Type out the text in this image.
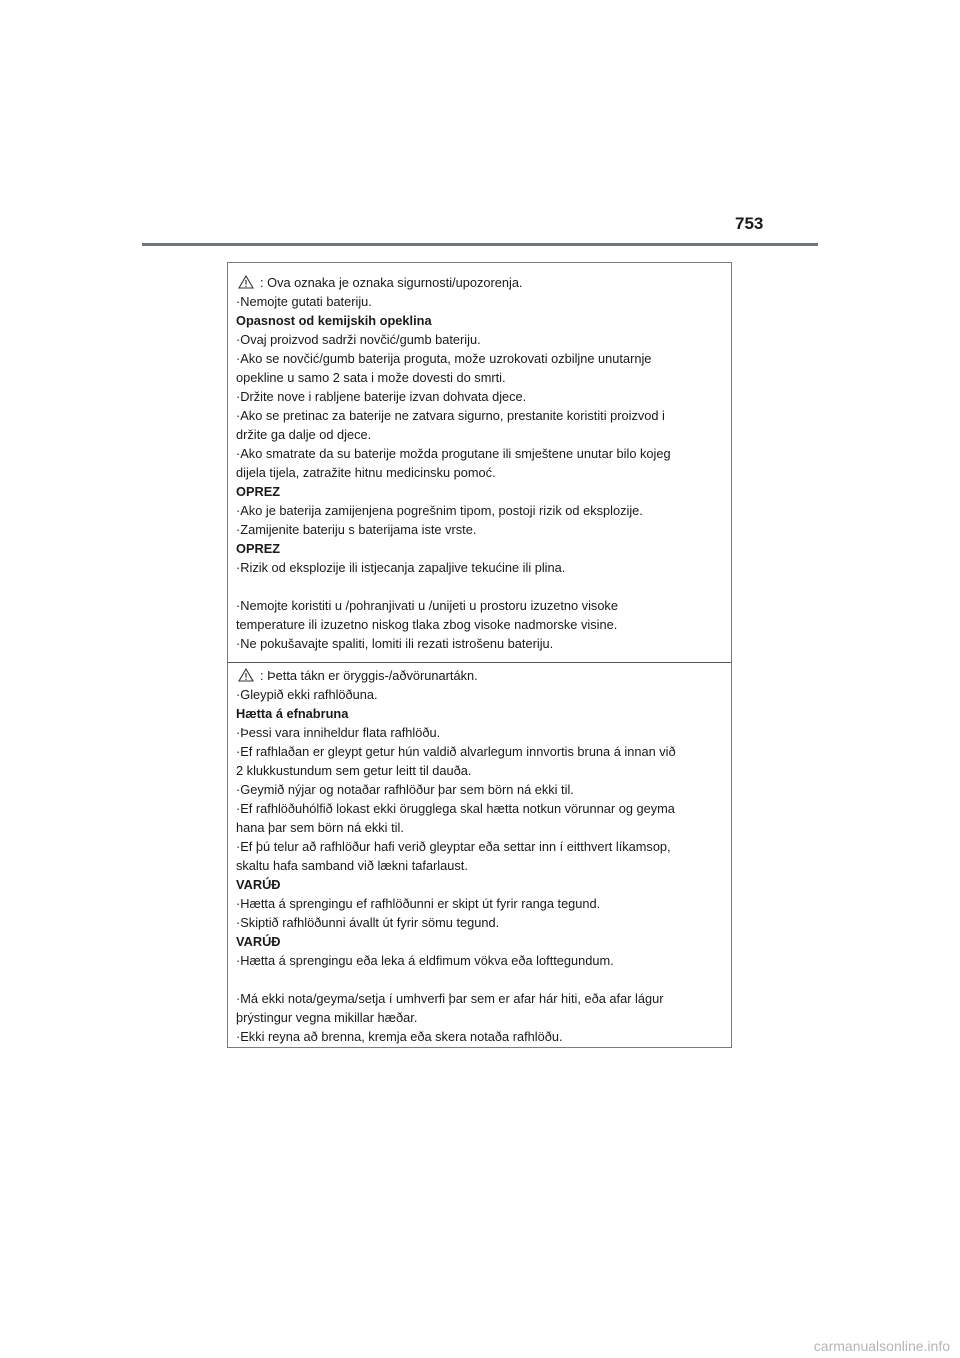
753
: Ova oznaka je oznaka sigurnosti/upozorenja.
·Nemojte gutati bateriju.
Opasnost od kemijskih opeklina
·Ovaj proizvod sadrži novčić/gumb bateriju.
·Ako se novčić/gumb baterija proguta, može uzrokovati ozbiljne unutarnje
opekline u samo 2 sata i može dovesti do smrti.
·Držite nove i rabljene baterije izvan dohvata djece.
·Ako se pretinac za baterije ne zatvara sigurno, prestanite koristiti proizvod i
držite ga dalje od djece.
·Ako smatrate da su baterije možda progutane ili smještene unutar bilo kojeg
dijela tijela, zatražite hitnu medicinsku pomoć.
OPREZ
·Ako je baterija zamijenjena pogrešnim tipom, postoji rizik od eksplozije.
·Zamijenite bateriju s baterijama iste vrste.
OPREZ
·Rizik od eksplozije ili istjecanja zapaljive tekućine ili plina.
·Nemojte koristiti u /pohranjivati u /unijeti u prostoru izuzetno visoke
temperature ili izuzetno niskog tlaka zbog visoke nadmorske visine.
·Ne pokušavajte spaliti, lomiti ili rezati istrošenu bateriju.
: Þetta tákn er öryggis-/aðvörunartákn.
·Gleypið ekki rafhlöðuna.
Hætta á efnabruna
·Þessi vara inniheldur flata rafhlöðu.
·Ef rafhlaðan er gleypt getur hún valdið alvarlegum innvortis bruna á innan við
2 klukkustundum sem getur leitt til dauða.
·Geymið nýjar og notaðar rafhlöður þar sem börn ná ekki til.
·Ef rafhlöðuhólfið lokast ekki örugglega skal hætta notkun vörunnar og geyma
hana þar sem börn ná ekki til.
·Ef þú telur að rafhlöður hafi verið gleyptar eða settar inn í eitthvert líkamsop,
skaltu hafa samband við lækni tafarlaust.
VARÚÐ
·Hætta á sprengingu ef rafhlöðunni er skipt út fyrir ranga tegund.
·Skiptið rafhlöðunni ávallt út fyrir sömu tegund.
VARÚÐ
·Hætta á sprengingu eða leka á eldfimum vökva eða lofttegundum.
·Má ekki nota/geyma/setja í umhverfi þar sem er afar hár hiti, eða afar lágur
þrýstingur vegna mikillar hæðar.
·Ekki reyna að brenna, kremja eða skera notaða rafhlöðu.
carmanualsonline.info
